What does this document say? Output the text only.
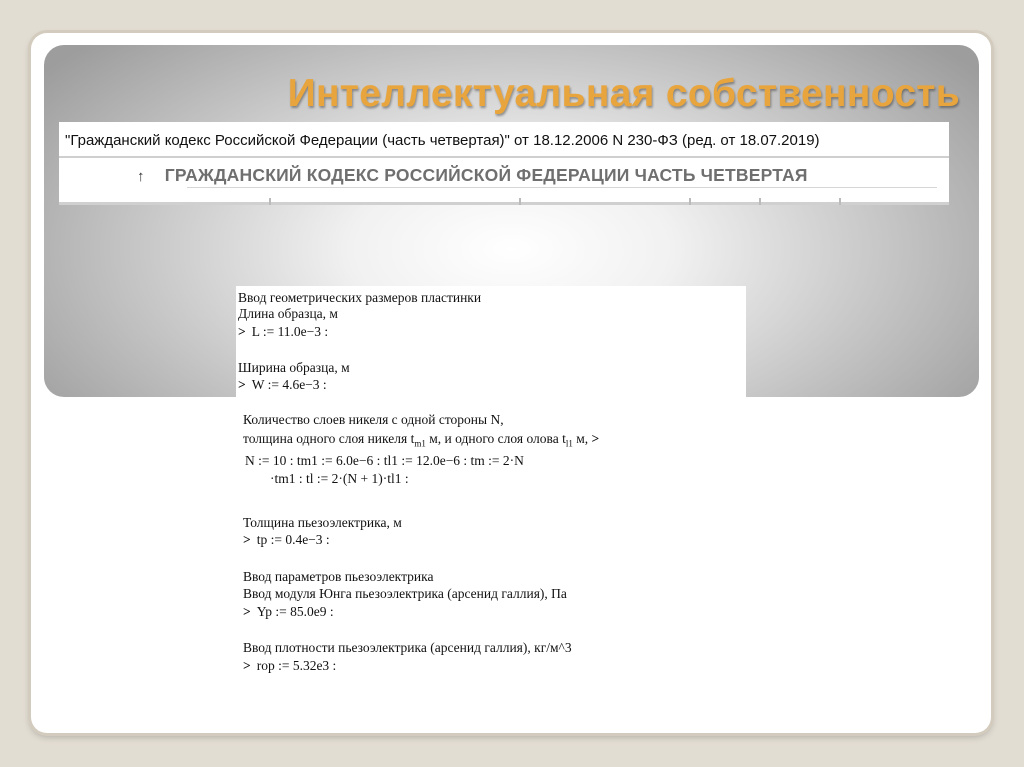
Интеллектуальная собственность
"Гражданский кодекс Российской Федерации (часть четвертая)" от 18.12.2006 N 230-ФЗ (ред. от 18.07.2019)
↑ ГРАЖДАНСКИЙ КОДЕКС РОССИЙСКОЙ ФЕДЕРАЦИИ ЧАСТЬ ЧЕТВЕРТАЯ
Ввод геометрических размеров пластинки
Длина образца, м
> L := 11.0e−3 :
Ширина образца, м
> W := 4.6e−3 :
Количество слоев никеля с одной стороны N,
толщина одного слоя никеля $t_{m1}$ м, и одного слоя олова $t_{l1}$ м, >
N := 10 : tm1 := 6.0e−6 : tl1 := 12.0e−6 : tm := 2·N
·tm1 : tl := 2·(N + 1)·tl1 :
Толщина пьезоэлектрика, м
> tp := 0.4e−3 :
Ввод параметров пьезоэлектрика
Ввод модуля Юнга пьезоэлектрика (арсенид галлия), Па
> Yp := 85.0e9 :
Ввод плотности пьезоэлектрика (арсенид галлия), кг/м^3
> rop := 5.32e3 :
